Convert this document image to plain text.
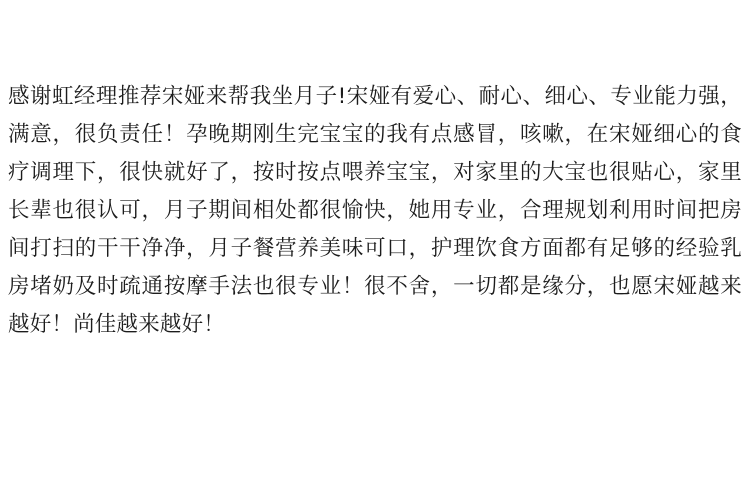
感谢虹经理推荐宋娅来帮我坐月子!宋娅有爱心、耐心、细心、专业能力强，满意，很负责任！孕晚期刚生完宝宝的我有点感冒，咳嗽，在宋娅细心的食疗调理下，很快就好了，按时按点喂养宝宝，对家里的大宝也很贴心，家里长辈也很认可，月子期间相处都很愉快，她用专业，合理规划利用时间把房间打扫的干干净净，月子餐营养美味可口，护理饮食方面都有足够的经验乳房堵奶及时疏通按摩手法也很专业！很不舍，一切都是缘分，也愿宋娅越来越好！尚佳越来越好！
